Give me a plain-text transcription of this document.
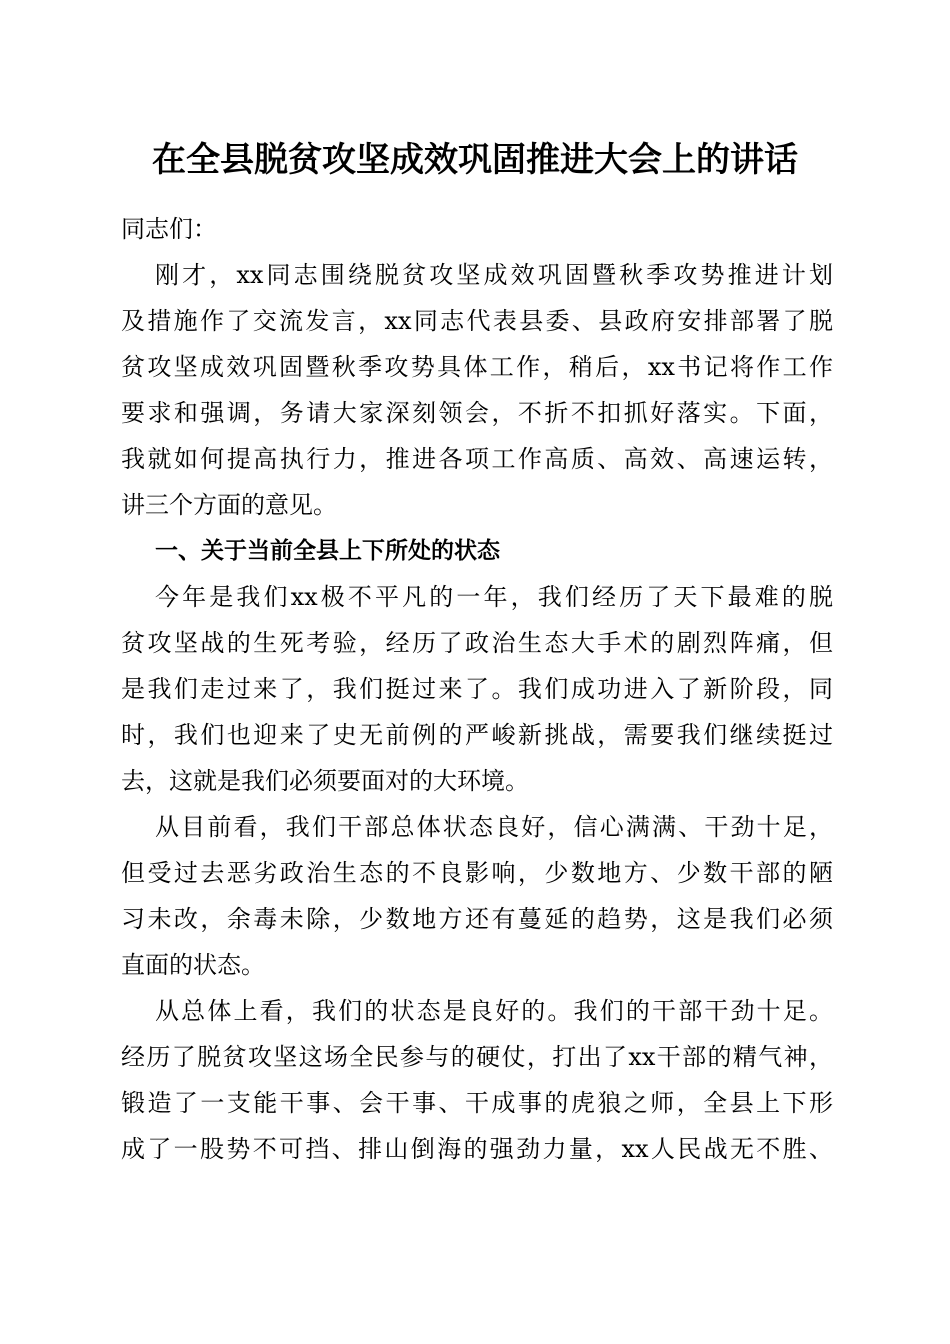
在全县脱贫攻坚成效巩固推进大会上的讲话
同志们：
刚才，xx同志围绕脱贫攻坚成效巩固暨秋季攻势推进计划
及措施作了交流发言，xx同志代表县委、县政府安排部署了脱
贫攻坚成效巩固暨秋季攻势具体工作，稍后，xx书记将作工作
要求和强调，务请大家深刻领会，不折不扣抓好落实。下面，
我就如何提高执行力，推进各项工作高质、高效、高速运转，
讲三个方面的意见。
一、关于当前全县上下所处的状态
今年是我们xx极不平凡的一年，我们经历了天下最难的脱
贫攻坚战的生死考验，经历了政治生态大手术的剧烈阵痛，但
是我们走过来了，我们挺过来了。我们成功进入了新阶段，同
时，我们也迎来了史无前例的严峻新挑战，需要我们继续挺过
去，这就是我们必须要面对的大环境。
从目前看，我们干部总体状态良好，信心满满、干劲十足，
但受过去恶劣政治生态的不良影响，少数地方、少数干部的陋
习未改，余毒未除，少数地方还有蔓延的趋势，这是我们必须
直面的状态。
从总体上看，我们的状态是良好的。我们的干部干劲十足。
经历了脱贫攻坚这场全民参与的硬仗，打出了xx干部的精气神，
锻造了一支能干事、会干事、干成事的虎狼之师，全县上下形
成了一股势不可挡、排山倒海的强劲力量，xx人民战无不胜、
